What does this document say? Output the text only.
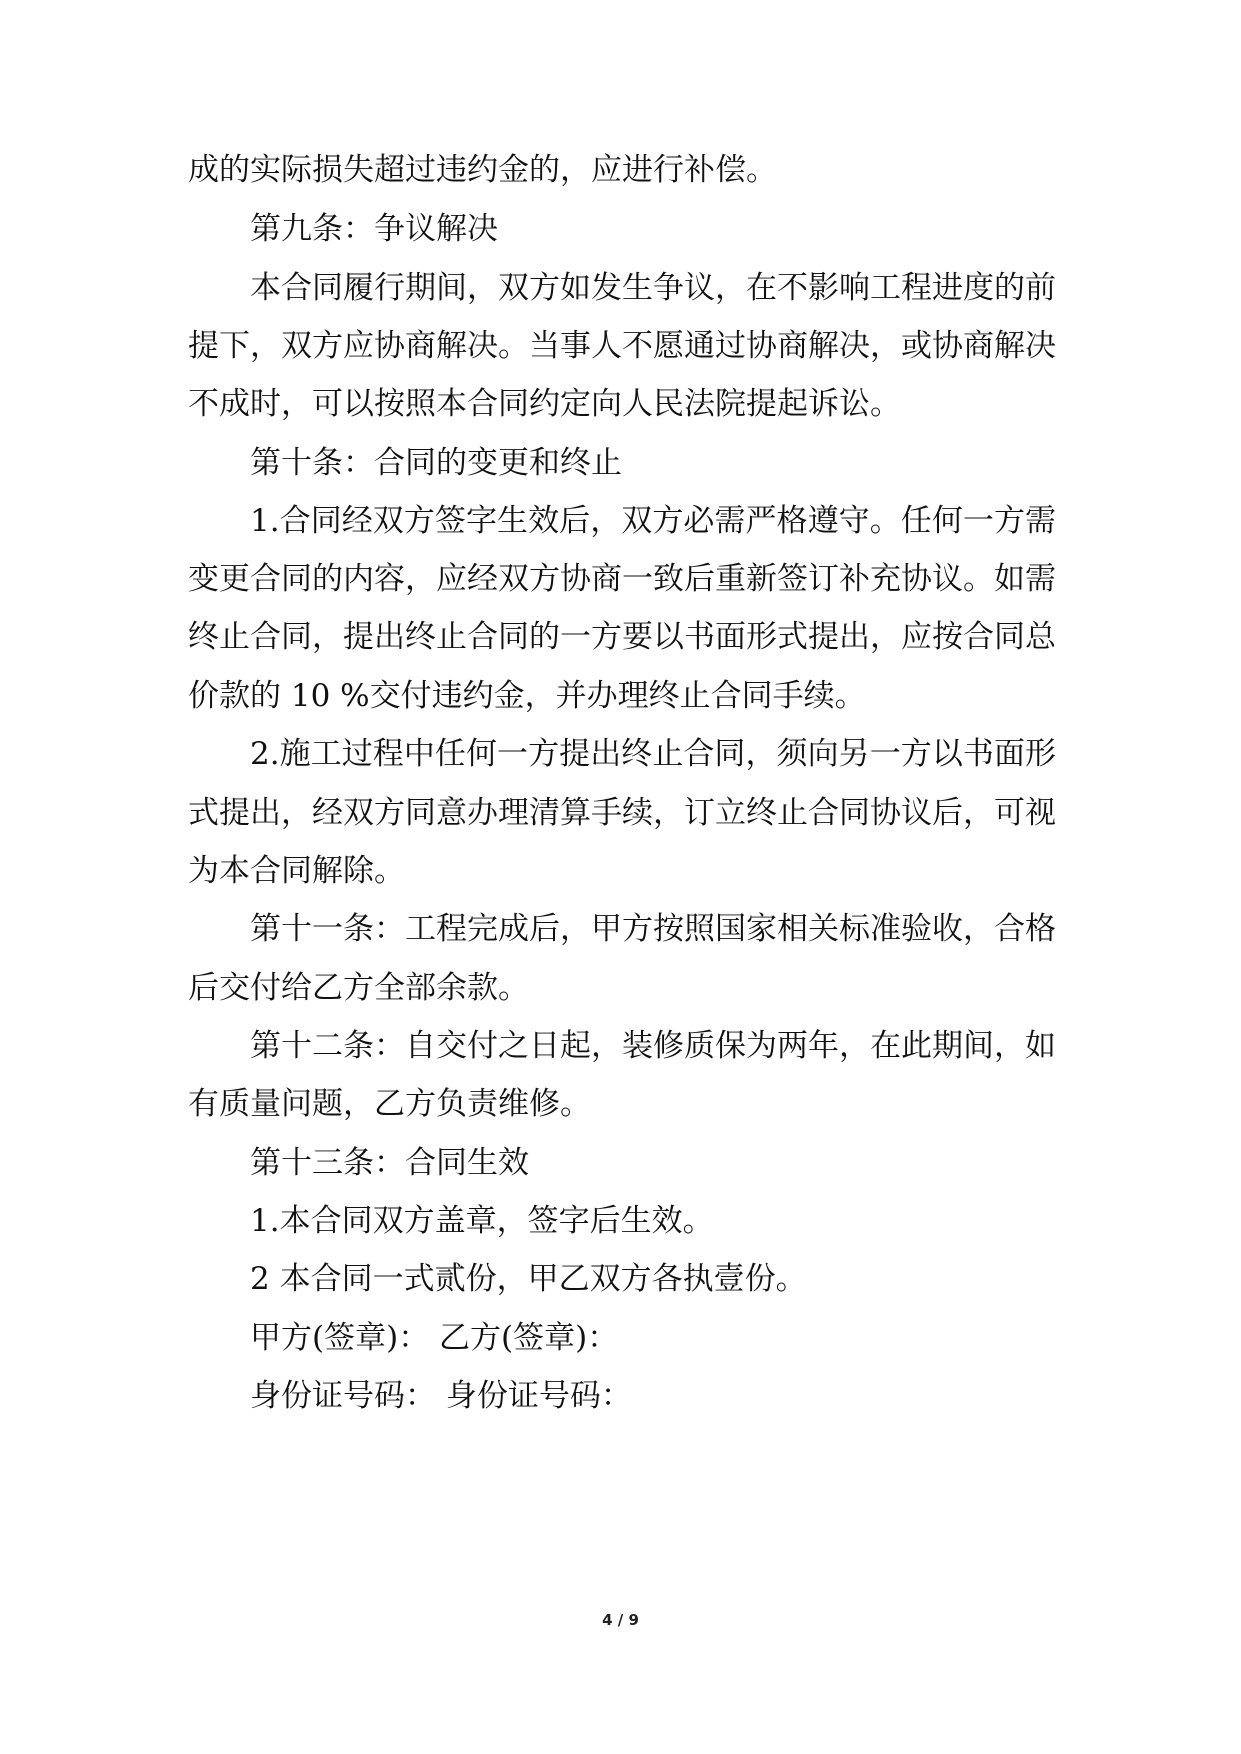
成的实际损失超过违约金的，应进行补偿。
第九条：争议解决
本合同履行期间，双方如发生争议，在不影响工程进度的前
提下，双方应协商解决。当事人不愿通过协商解决，或协商解决
不成时，可以按照本合同约定向人民法院提起诉讼。
第十条：合同的变更和终止
1.合同经双方签字生效后，双方必需严格遵守。任何一方需
变更合同的内容，应经双方协商一致后重新签订补充协议。如需
终止合同，提出终止合同的一方要以书面形式提出，应按合同总
价款的 10 %交付违约金，并办理终止合同手续。
2.施工过程中任何一方提出终止合同，须向另一方以书面形
式提出，经双方同意办理清算手续，订立终止合同协议后，可视
为本合同解除。
第十一条：工程完成后，甲方按照国家相关标准验收，合格
后交付给乙方全部余款。
第十二条：自交付之日起，装修质保为两年，在此期间，如
有质量问题，乙方负责维修。
第十三条：合同生效
1.本合同双方盖章，签字后生效。
2 本合同一式贰份，甲乙双方各执壹份。
甲方(签章)： 乙方(签章)：
身份证号码： 身份证号码：
4 / 9
